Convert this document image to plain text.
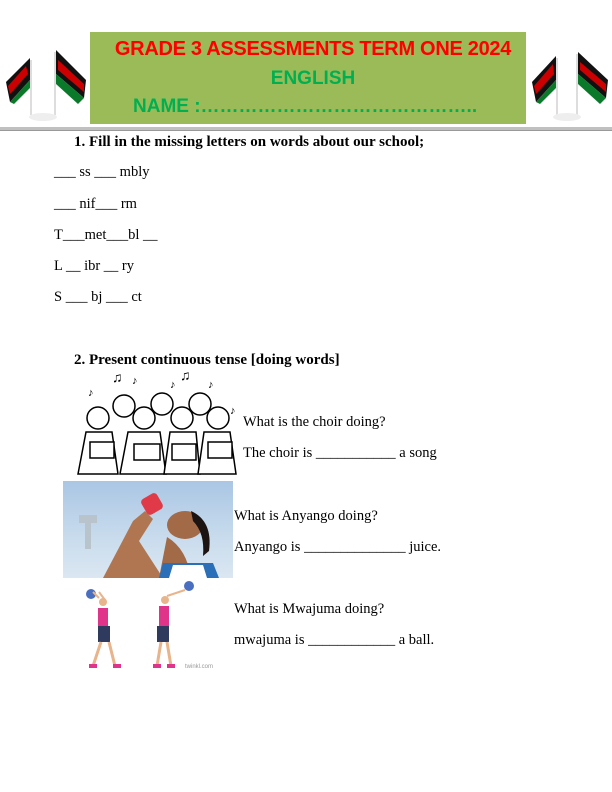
GRADE 3 ASSESSMENTS TERM ONE 2024
ENGLISH
NAME :……………………………………..
1. Fill in the missing letters on words about our school;
___ ss ___ mbly
___ nif___ rm
T___met___bl __
L __ ibr __ ry
S ___ bj ___ ct
2. Present continuous tense [doing words]
♫ ♪	♪
♫
♪
♪
♪
What is the choir doing?
The choir is ___________ a song
What is Anyango doing?
Anyango is ______________ juice.
twinkl.com
What is Mwajuma doing?
mwajuma is ____________ a ball.
